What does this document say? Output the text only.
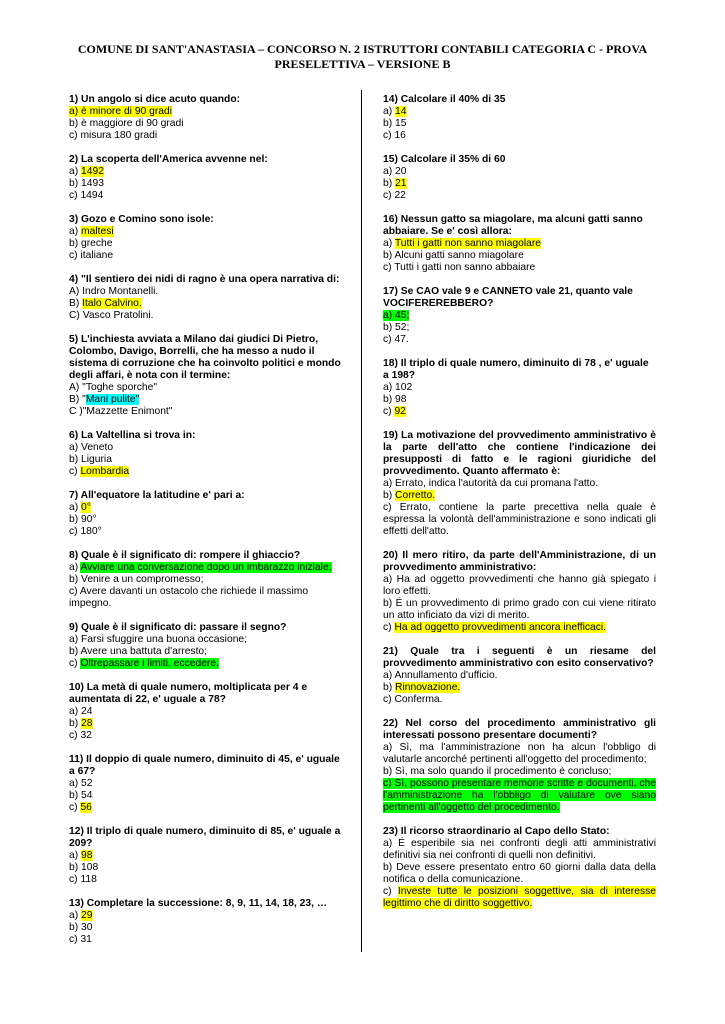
COMUNE DI SANT'ANASTASIA – CONCORSO N. 2 ISTRUTTORI CONTABILI CATEGORIA C - PROVA PRESELETTIVA – VERSIONE B
1) Un angolo si dice acuto quando:
a) è minore di 90 gradi
b) è maggiore di 90 gradi
c) misura 180 gradi
2) La scoperta dell'America avvenne nel:
a) 1492
b) 1493
c) 1494
3) Gozo e Comino sono isole:
a) maltesi
b) greche
c) italiane
4) "Il sentiero dei nidi di ragno è una opera narrativa di:
A) Indro Montanelli.
B) Italo Calvino.
C) Vasco Pratolini.
5) L'inchiesta avviata a Milano dai giudici Di Pietro, Colombo, Davigo, Borrelli, che ha messo a nudo il sistema di corruzione che ha coinvolto politici e mondo degli affari, è nota con il termine:
A) "Toghe sporche"
B) "Mani pulite"
C )"Mazzette Enimont"
6) La Valtellina si trova in:
a) Veneto
b) Liguria
c) Lombardia
7) All'equatore la latitudine e' pari a:
a) 0°
b) 90°
c) 180°
8) Quale è il significato di: rompere il ghiaccio?
a) Avviare una conversazione dopo un imbarazzo iniziale;
b) Venire a un compromesso;
c) Avere davanti un ostacolo che richiede il massimo impegno.
9) Quale è il significato di: passare il segno?
a) Farsi sfuggire una buona occasione;
b) Avere una battuta d'arresto;
c) Oltrepassare i limiti, eccedere.
10) La metà di quale numero, moltiplicata per 4 e aumentata di 22, e' uguale a 78?
a) 24
b) 28
c) 32
11) Il doppio di quale numero, diminuito di 45, e' uguale a 67?
a) 52
b) 54
c) 56
12) Il triplo di quale numero, diminuito di 85, e' uguale a 209?
a) 98
b) 108
c) 118
13) Completare la successione: 8, 9, 11, 14, 18, 23, …
a) 29
b) 30
c) 31
14) Calcolare il 40% di 35
a) 14
b) 15
c) 16
15) Calcolare il 35% di 60
a) 20
b) 21
c) 22
16) Nessun gatto sa miagolare, ma alcuni gatti sanno abbaiare. Se e' così allora:
a) Tutti i gatti non sanno miagolare
b) Alcuni gatti sanno miagolare
c) Tutti i gatti non sanno abbaiare
17) Se CAO vale 9 e CANNETO vale 21, quanto vale VOCIFEREREBBERO?
a) 45;
b) 52;
c) 47.
18) Il triplo di quale numero, diminuito di 78 , e' uguale a 198?
a) 102
b) 98
c) 92
19) La motivazione del provvedimento amministrativo è la parte dell'atto che contiene l'indicazione dei presupposti di fatto e le ragioni giuridiche del provvedimento. Quanto affermato è:
a) Errato, indica l'autorità da cui promana l'atto.
b) Corretto.
c) Errato, contiene la parte precettiva nella quale è espressa la volontà dell'amministrazione e sono indicati gli effetti dell'atto.
20) Il mero ritiro, da parte dell'Amministrazione, di un provvedimento amministrativo:
a) Ha ad oggetto provvedimenti che hanno già spiegato i loro effetti.
b) É un provvedimento di primo grado con cui viene ritirato un atto inficiato da vizi di merito.
c) Ha ad oggetto provvedimenti ancora inefficaci.
21) Quale tra i seguenti è un riesame del provvedimento amministrativo con esito conservativo?
a) Annullamento d'ufficio.
b) Rinnovazione.
c) Conferma.
22) Nel corso del procedimento amministrativo gli interessati possono presentare documenti?
a) Sì, ma l'amministrazione non ha alcun l'obbligo di valutarle ancorché pertinenti all'oggetto del procedimento;
b) Sì, ma solo quando il procedimento è concluso;
c) Sì, possono presentare memorie scritte e documenti, che l'amministrazione ha l'obbligo di valutare ove siano pertinenti all'oggetto del procedimento.
23) Il ricorso straordinario al Capo dello Stato:
a) É esperibile sia nei confronti degli atti amministrativi definitivi sia nei confronti di quelli non definitivi.
b) Deve essere presentato entro 60 giorni dalla data della notifica o della comunicazione.
c) Investe tutte le posizioni soggettive, sia di interesse legittimo che di diritto soggettivo.
